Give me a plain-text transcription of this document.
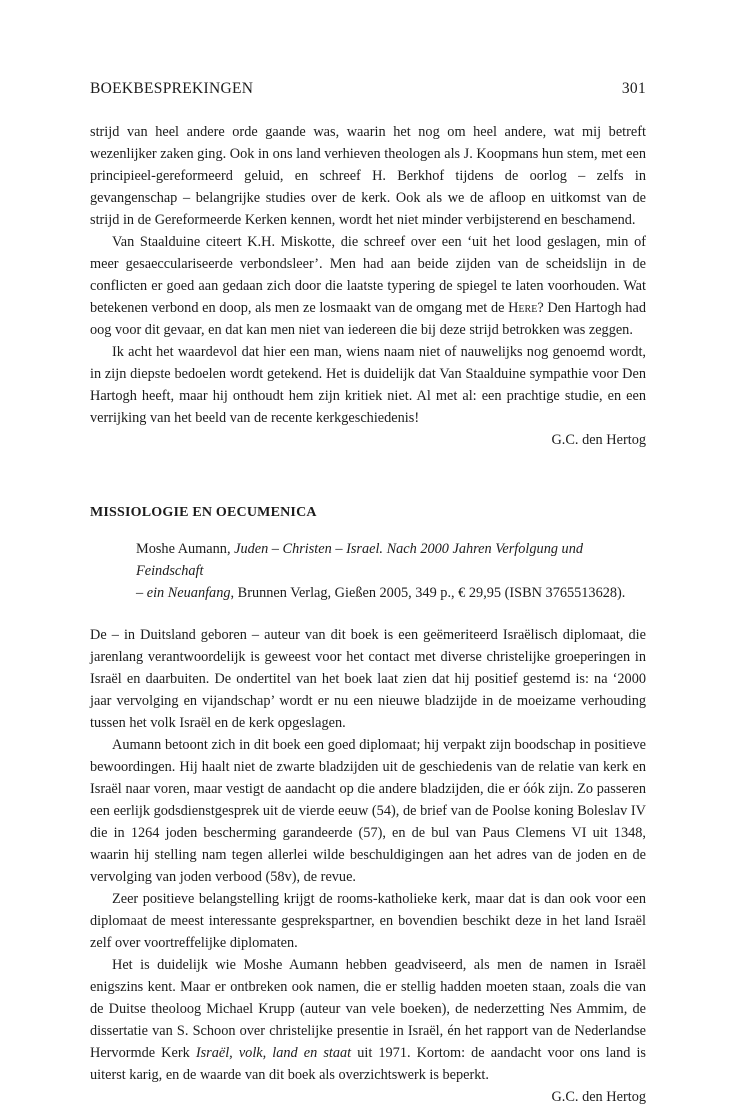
BOEKBESPREKINGEN	301

strijd van heel andere orde gaande was, waarin het nog om heel andere, wat mij betreft wezenlijker zaken ging. Ook in ons land verhieven theologen als J. Koopmans hun stem, met een principieel-gereformeerd geluid, en schreef H. Berkhof tijdens de oorlog – zelfs in gevangenschap – belangrijke studies over de kerk. Ook als we de afloop en uitkomst van de strijd in de Gereformeerde Kerken kennen, wordt het niet minder verbijsterend en beschamend.

Van Staalduine citeert K.H. Miskotte, die schreef over een ‘uit het lood geslagen, min of meer gesaecculariseerde verbondsleer’. Men had aan beide zijden van de scheidslijn in de conflicten er goed aan gedaan zich door die laatste typering de spiegel te laten voorhouden. Wat betekenen verbond en doop, als men ze losmaakt van de omgang met de Here? Den Hartogh had oog voor dit gevaar, en dat kan men niet van iedereen die bij deze strijd betrokken was zeggen.

Ik acht het waardevol dat hier een man, wiens naam niet of nauwelijks nog genoemd wordt, in zijn diepste bedoelen wordt getekend. Het is duidelijk dat Van Staalduine sympathie voor Den Hartogh heeft, maar hij onthoudt hem zijn kritiek niet. Al met al: een prachtige studie, en een verrijking van het beeld van de recente kerkgeschiedenis!

G.C. den Hertog

MISSIOLOGIE EN OECUMENICA

Moshe Aumann, Juden – Christen – Israel. Nach 2000 Jahren Verfolgung und Feindschaft
– ein Neuanfang, Brunnen Verlag, Gießen 2005, 349 p., € 29,95 (ISBN 3765513628).

De – in Duitsland geboren – auteur van dit boek is een geëmeriteerd Israëlisch diplomaat, die jarenlang verantwoordelijk is geweest voor het contact met diverse christelijke groeperingen in Israël en daarbuiten. De ondertitel van het boek laat zien dat hij positief gestemd is: na ‘2000 jaar vervolging en vijandschap’ wordt er nu een nieuwe bladzijde in de moeizame verhouding tussen het volk Israël en de kerk opgeslagen.

Aumann betoont zich in dit boek een goed diplomaat; hij verpakt zijn boodschap in positieve bewoordingen. Hij haalt niet de zwarte bladzijden uit de geschiedenis van de relatie van kerk en Israël naar voren, maar vestigt de aandacht op die andere bladzijden, die er óók zijn. Zo passeren een eerlijk godsdienstgesprek uit de vierde eeuw (54), de brief van de Poolse koning Boleslav IV die in 1264 joden bescherming garandeerde (57), en de bul van Paus Clemens VI uit 1348, waarin hij stelling nam tegen allerlei wilde beschuldigingen aan het adres van de joden en de vervolging van joden verbood (58v), de revue.

Zeer positieve belangstelling krijgt de rooms-katholieke kerk, maar dat is dan ook voor een diplomaat de meest interessante gesprekspartner, en bovendien beschikt deze in het land Israël zelf over voortreffelijke diplomaten.

Het is duidelijk wie Moshe Aumann hebben geadviseerd, als men de namen in Israël enigszins kent. Maar er ontbreken ook namen, die er stellig hadden moeten staan, zoals die van de Duitse theoloog Michael Krupp (auteur van vele boeken), de nederzetting Nes Ammim, de dissertatie van S. Schoon over christelijke presentie in Israël, én het rapport van de Nederlandse Hervormde Kerk Israël, volk, land en staat uit 1971. Kortom: de aandacht voor ons land is uiterst karig, en de waarde van dit boek als overzichtswerk is beperkt.

G.C. den Hertog
